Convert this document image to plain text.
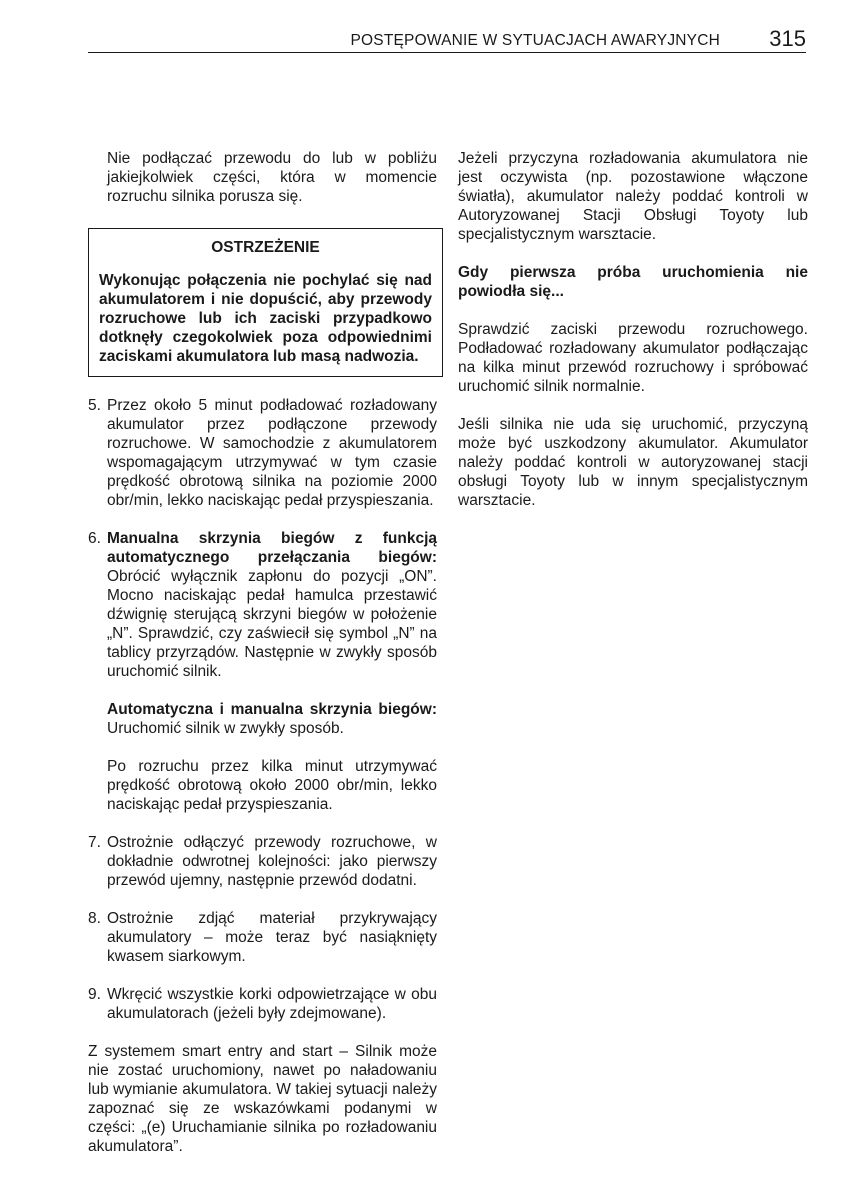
POSTĘPOWANIE W SYTUACJACH AWARYJNYCH 315

Nie podłączać przewodu do lub w pobliżu jakiejkolwiek części, która w momencie rozruchu silnika porusza się.

OSTRZEŻENIE
Wykonując połączenia nie pochylać się nad akumulatorem i nie dopuścić, aby przewody rozruchowe lub ich zaciski przypadkowo dotknęły czegokolwiek poza odpowiednimi zaciskami akumulatora lub masą nadwozia.
5. Przez około 5 minut podładować rozładowany akumulator przez podłączone przewody rozruchowe. W samochodzie z akumulatorem wspomagającym utrzymywać w tym czasie prędkość obrotową silnika na poziomie 2000 obr/min, lekko naciskając pedał przyspieszania.

6. Manualna skrzynia biegów z funkcją automatycznego przełączania biegów: Obrócić wyłącznik zapłonu do pozycji „ON”. Mocno naciskając pedał hamulca przestawić dźwignię sterującą skrzyni biegów w położenie „N”. Sprawdzić, czy zaświecił się symbol „N” na tablicy przyrządów. Następnie w zwykły sposób uruchomić silnik.

Automatyczna i manualna skrzynia biegów: Uruchomić silnik w zwykły sposób.

Po rozruchu przez kilka minut utrzymywać prędkość obrotową około 2000 obr/min, lekko naciskając pedał przyspieszania.

7. Ostrożnie odłączyć przewody rozruchowe, w dokładnie odwrotnej kolejności: jako pierwszy przewód ujemny, następnie przewód dodatni.

8. Ostrożnie zdjąć materiał przykrywający akumulatory – może teraz być nasiąknięty kwasem siarkowym.

9. Wkręcić wszystkie korki odpowietrzające w obu akumulatorach (jeżeli były zdejmowane).

Z systemem smart entry and start – Silnik może nie zostać uruchomiony, nawet po naładowaniu lub wymianie akumulatora. W takiej sytuacji należy zapoznać się ze wskazówkami podanymi w części: „(e) Uruchamianie silnika po rozładowaniu akumulatora”.

Jeżeli przyczyna rozładowania akumulatora nie jest oczywista (np. pozostawione włączone światła), akumulator należy poddać kontroli w Autoryzowanej Stacji Obsługi Toyoty lub specjalistycznym warsztacie.

Gdy pierwsza próba uruchomienia nie powiodła się...

Sprawdzić zaciski przewodu rozruchowego. Podładować rozładowany akumulator podłączając na kilka minut przewód rozruchowy i spróbować uruchomić silnik normalnie.

Jeśli silnika nie uda się uruchomić, przyczyną może być uszkodzony akumulator. Akumulator należy poddać kontroli w autoryzowanej stacji obsługi Toyoty lub w innym specjalistycznym warsztacie.
